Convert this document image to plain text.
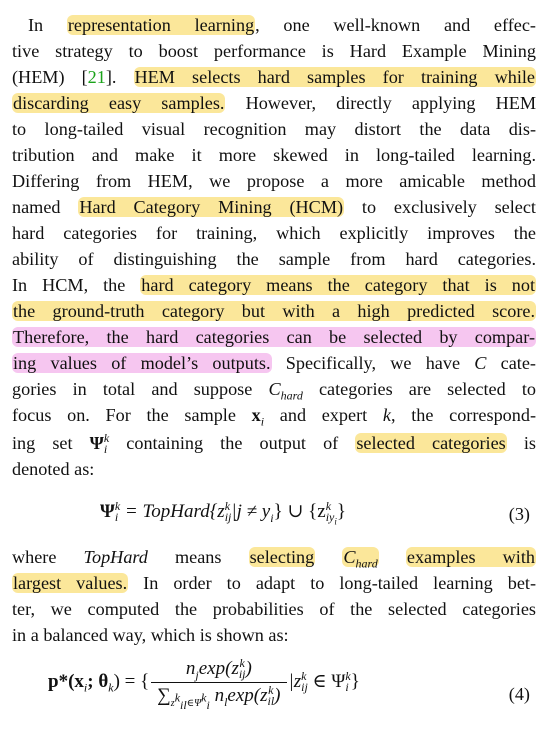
In representation learning, one well-known and effec-
tive strategy to boost performance is Hard Example Mining
(HEM) [21]. HEM selects hard samples for training while
discarding easy samples. However, directly applying HEM
to long-tailed visual recognition may distort the data dis-
tribution and make it more skewed in long-tailed learning.
Differing from HEM, we propose a more amicable method
named Hard Category Mining (HCM) to exclusively select
hard categories for training, which explicitly improves the
ability of distinguishing the sample from hard categories.
In HCM, the hard category means the category that is not
the ground-truth category but with a high predicted score.
Therefore, the hard categories can be selected by compar-
ing values of model’s outputs. Specifically, we have C cate-
gories in total and suppose $C_{hard}$ categories are selected to
focus on. For the sample $x_i$ and expert k, the correspond-
ing set Ψk
i containing the output of selected categories is
denoted as:
Ψk
i = TopHard{zk
$ij|j \ne y_i$} ∪ {zk
$iy_i$}	(3)
where TopHard means selecting $C_{hard}$ examples with
largest values. In order to adapt to long-tailed learning bet-
ter, we computed the probabilities of the selected categories
in a balanced way, which is shown as:
$p*(x_i$; $\theta_k$) = {
$n_j\exp(zk$
ij)
$\sum_{z^k_{il}\in\Psi^k_i}$ $n_l\exp(zk$
il)
|zk
ij ∈ Ψk
i }
(4)
